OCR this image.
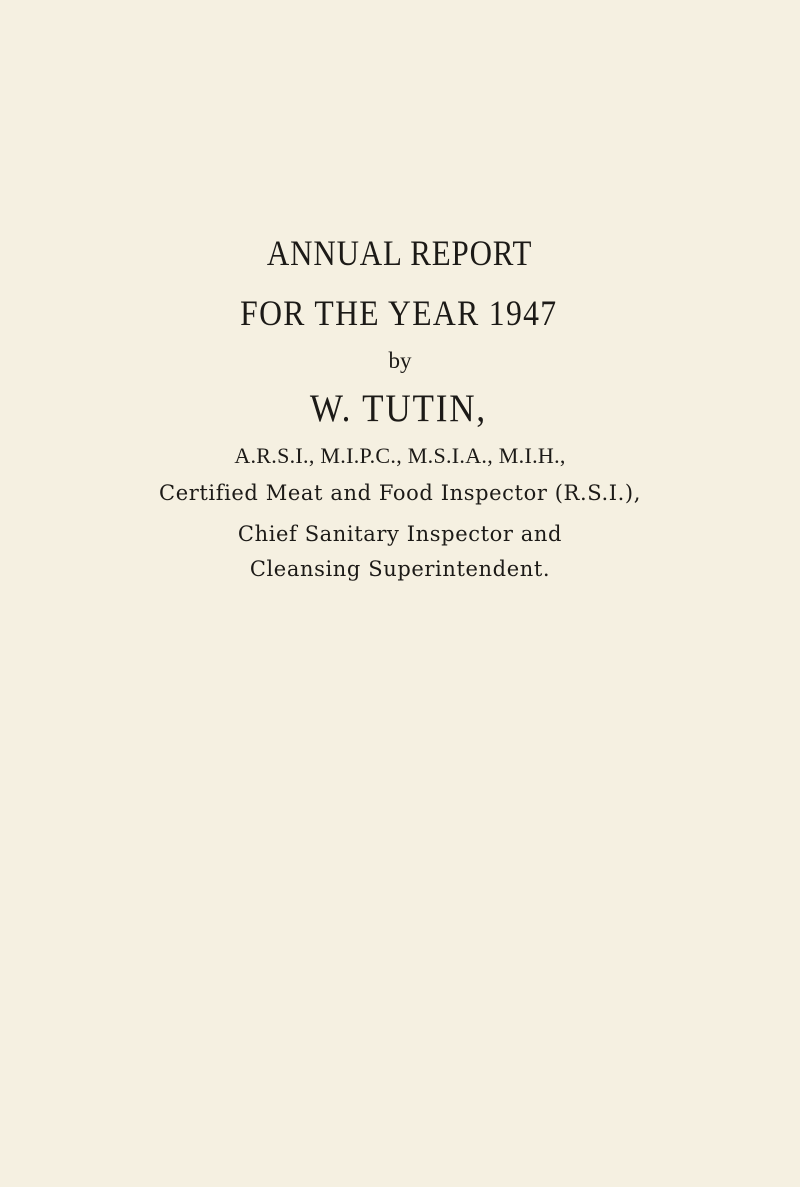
ANNUAL REPORT
FOR THE YEAR 1947
by
W. TUTIN,
A.R.S.I., M.I.P.C., M.S.I.A., M.I.H.,
Certified Meat and Food Inspector (R.S.I.),
Chief Sanitary Inspector and
Cleansing Superintendent.
